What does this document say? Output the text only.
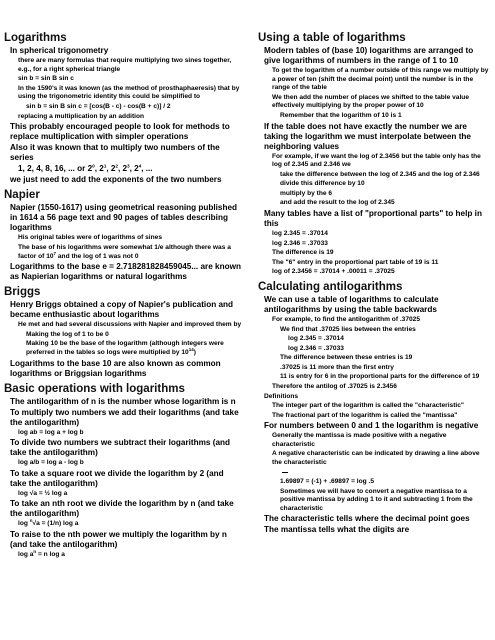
Logarithms
In spherical trigonometry
there are many formulas that require multiplying two sines together, e.g., for a right spherical triangle
sin b = sin B sin c
In the 1590's it was known (as the method of prosthaphaeresis) that by using the trigonometric identity this could be simplified to
sin b = sin B sin c = [cos(B - c) - cos(B + c)] / 2
replacing a multiplication by an addition
This probably encouraged people to look for methods to replace multiplication with simpler operations
Also it was known that to multiply two numbers of the series
1, 2, 4, 8, 16, ... or $2^0$, $2^1$, $2^2$, $2^3$, $2^4$, ...
we just need to add the exponents of the two numbers
Napier
Napier (1550-1617) using geometrical reasoning published in 1614 a 56 page text and 90 pages of tables describing logarithms
His original tables were of logarithms of sines
The base of his logarithms were somewhat 1/e although there was a factor of $10^7$ and the log of 1 was not 0
Logarithms to the base e = 2.718281828459045... are known as Napierian logarithms or natural logarithms
Briggs
Henry Briggs obtained a copy of Napier's publication and became enthusiastic about logarithms
He met and had several discussions with Napier and improved them by
Making the log of 1 to be 0
Making 10 be the base of the logarithm (although integers were preferred in the tables so logs were multiplied by $10^{14}$)
Logarithms to the base 10 are also known as common logarithms or Briggsian logarithms
Basic operations with logarithms
The antilogarithm of n is the number whose logarithm is n
To multiply two numbers we add their logarithms (and take the antilogarithm)
log ab = log a + log b
To divide two numbers we subtract their logarithms (and take the antilogarithm)
log a/b = log a - log b
To take a square root we divide the logarithm by 2 (and take the antilogarithm)
log √a = ½ log a
To take an nth root we divide the logarithm by n (and take the antilogarithm)
log $^n$√a = (1/n) log a
To raise to the nth power we multiply the logarithm by n (and take the antilogarithm)
$\log a^n = n$ log a
Using a table of logarithms
Modern tables of (base 10) logarithms are arranged to give logarithms of numbers in the range of 1 to 10
To get the logarithm of a number outside of this range we multiply by a power of ten (shift the decimal point) until the number is in the range of the table
We then add the number of places we shifted to the table value effectively multiplying by the proper power of 10
Remember that the logarithm of 10 is 1
If the table does not have exactly the number we are taking the logarithm we must interpolate between the neighboring values
For example, if we want the log of 2.3456 but the table only has the log of 2.345 and 2.346 we
take the difference between the log of 2.345 and the log of 2.346
divide this difference by 10
multiply by the 6
and add the result to the log of 2.345
Many tables have a list of "proportional parts" to help in this
log 2.345 = .37014
log 2.346 = .37033
The difference is 19
The "6" entry in the proportional part table of 19 is 11
log of 2.3456 = .37014 + .00011 = .37025
Calculating antilogarithms
We can use a table of logarithms to calculate antilogarithms by using the table backwards
For example, to find the antilogarithm of .37025
We find that .37025 lies between the entries
log 2.345 = .37014
log 2.346 = .37033
The difference between these entries is 19
.37025 is 11 more than the first entry
11 is entry for 6 in the proportional parts for the difference of 19
Therefore the antilog of .37025 is 2.3456
Definitions
The integer part of the logarithm is called the "characteristic"
The fractional part of the logarithm is called the "mantissa"
For numbers between 0 and 1 the logarithm is negative
Generally the mantissa is made positive with a negative characteristic
A negative characteristic can be indicated by drawing a line above the characteristic
1.69897 = (-1) + .69897 = log .5
Sometimes we will have to convert a negative mantissa to a positive mantissa by adding 1 to it and subtracting 1 from the characteristic
The characteristic tells where the decimal point goes
The mantissa tells what the digits are
